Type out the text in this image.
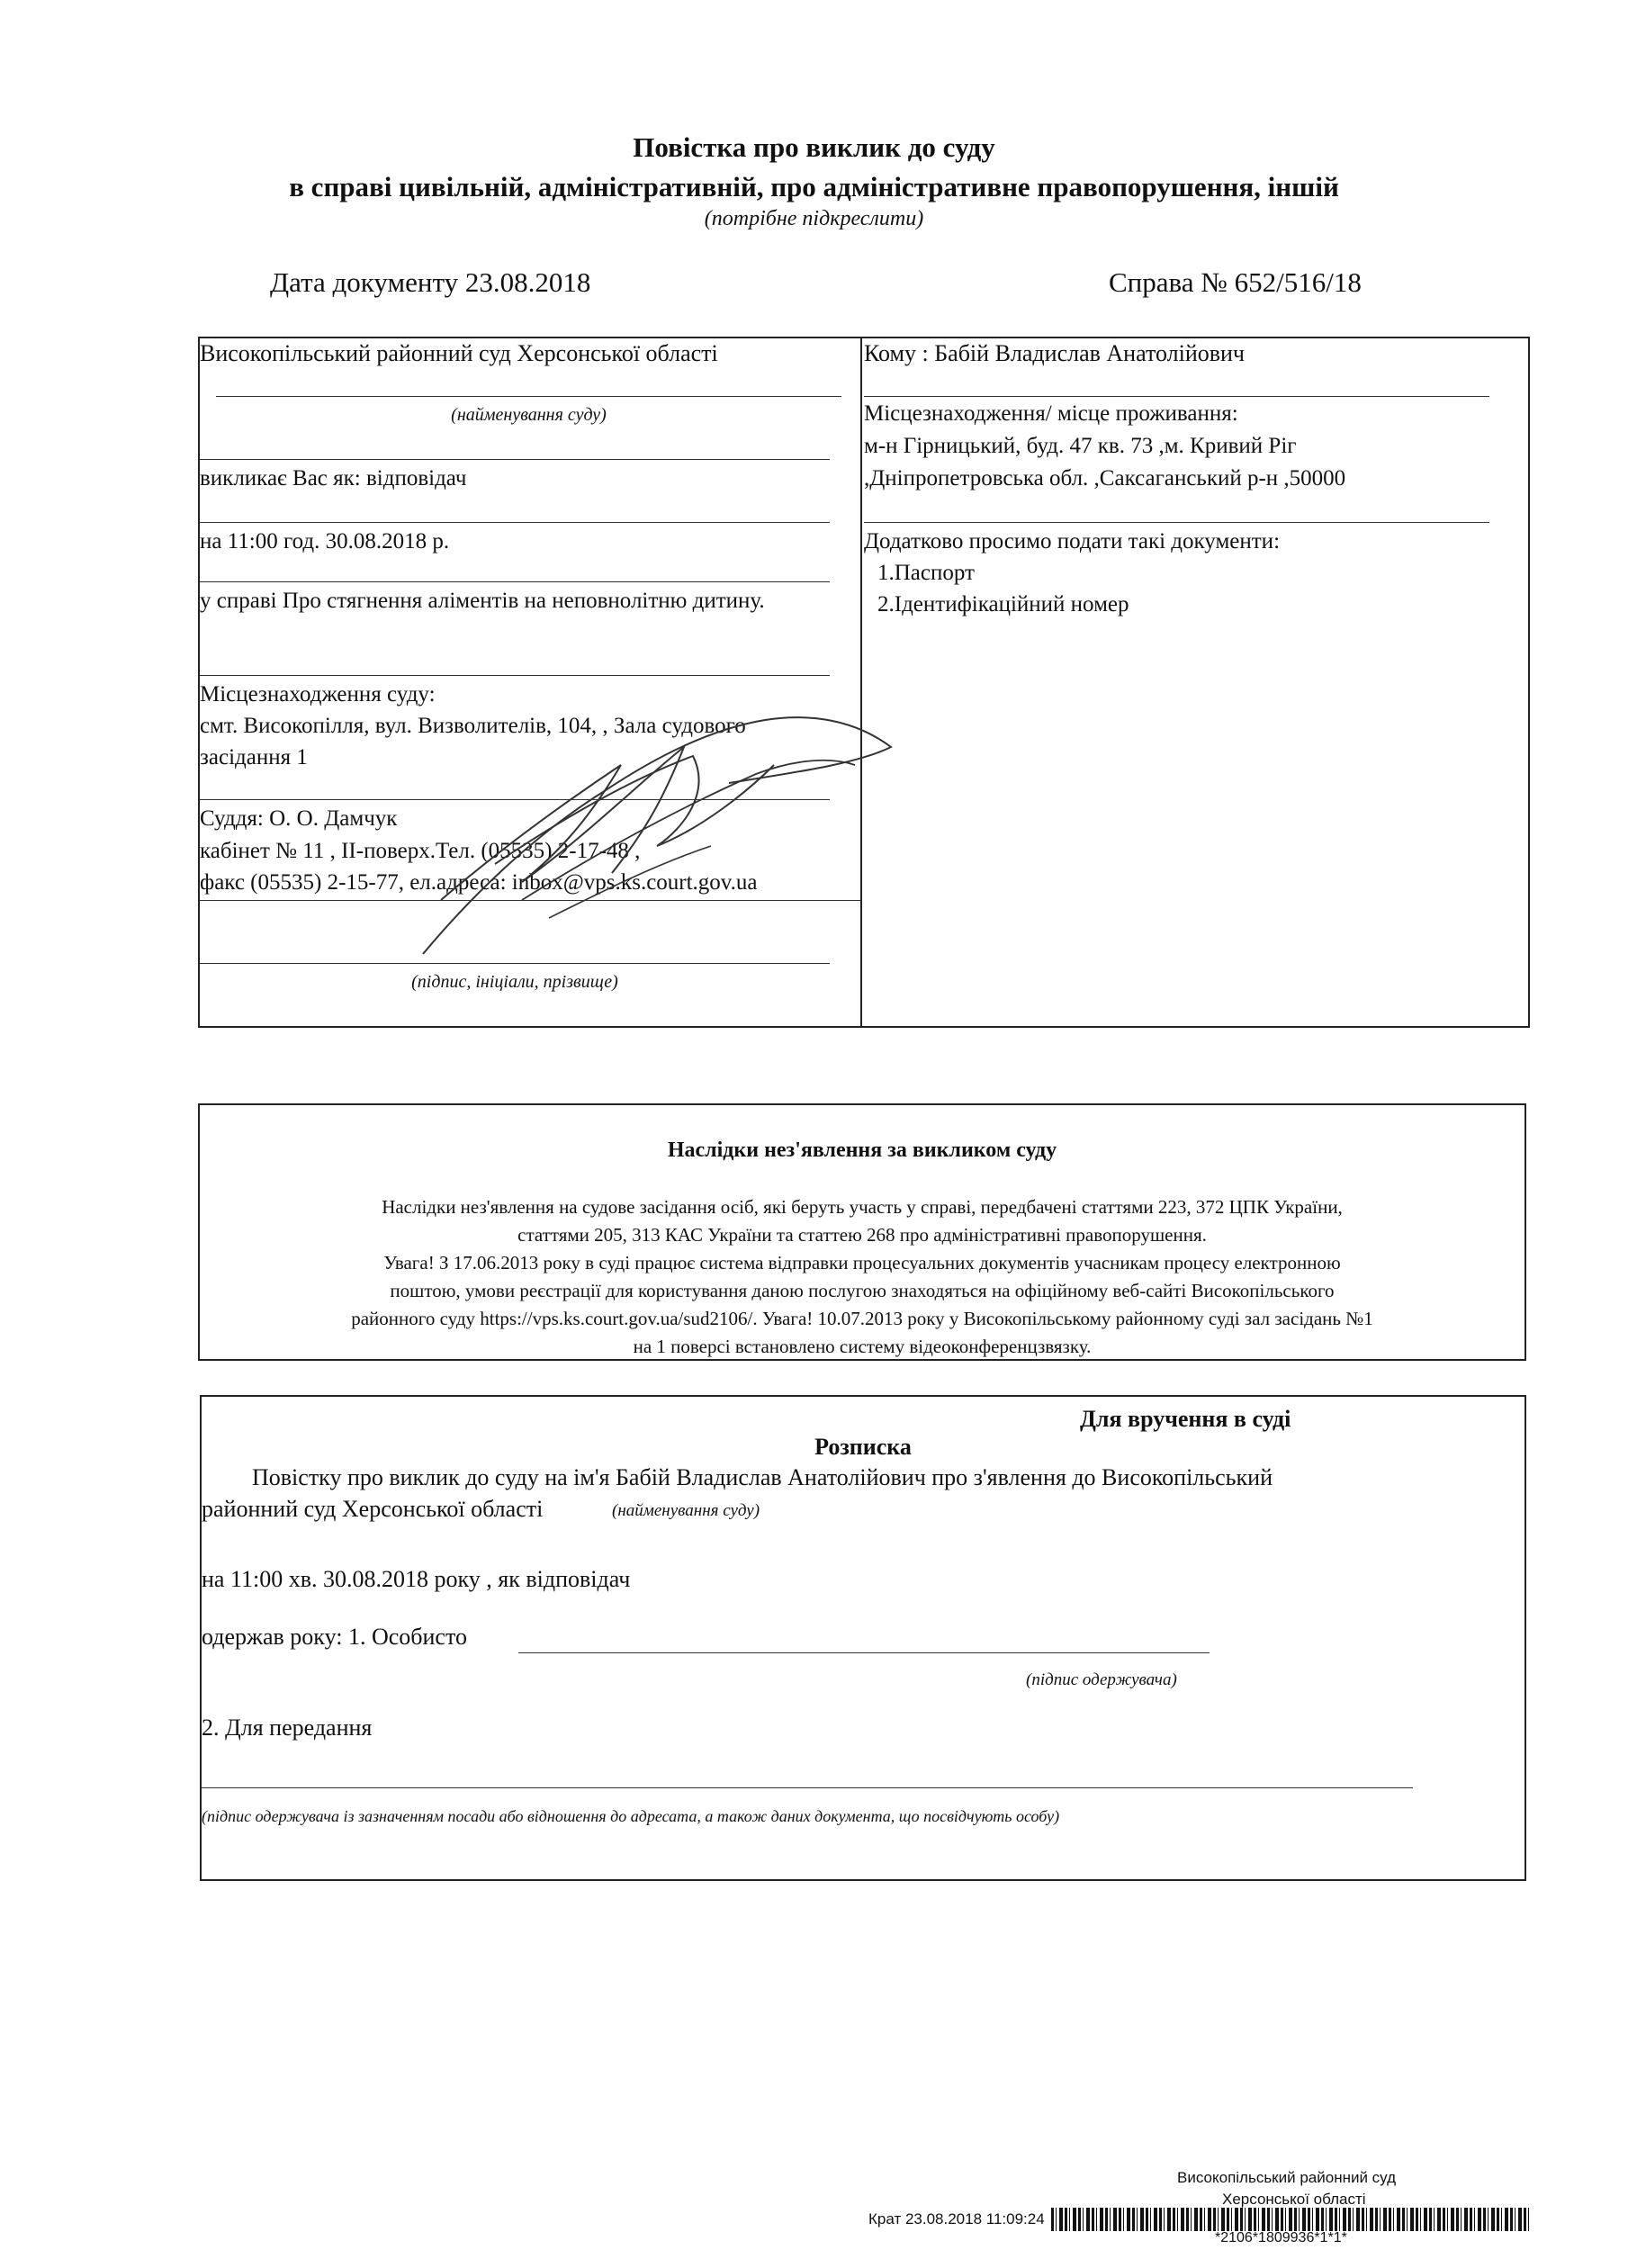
Повістка про виклик до суду
в справі цивільній, адміністративній, про адміністративне правопорушення, іншій
(потрібне підкреслити)
Дата документу 23.08.2018	Справа № 652/516/18
Високопільський районний суд Херсонської області
(найменування суду)
викликає Вас як: відповідач
на 11:00 год. 30.08.2018 р.
у справі Про стягнення аліментів на неповнолітню дитину.
Місцезнаходження суду:
смт. Високопілля, вул. Визволителів, 104, , Зала судового
засідання 1
Суддя: О. О. Дамчук
кабінет № 11 , ІІ-поверх.Тел. (05535) 2-17-48 ,
факс (05535) 2-15-77, ел.адреса: inbox@vps.ks.court.gov.ua
(підпис, ініціали, прізвище)
Кому : Бабій Владислав Анатолійович
Місцезнаходження/ місце проживання:
м-н Гірницький, буд. 47 кв. 73 ,м. Кривий Ріг
,Дніпропетровська обл. ,Саксаганський р-н ,50000
Додатково просимо подати такі документи:
1.Паспорт
2.Ідентифікаційний номер
Наслідки нез'явлення за викликом суду
Наслідки нез'явлення на судове засідання осіб, які беруть участь у справі, передбачені статтями 223, 372 ЦПК України,
статтями 205, 313 КАС України та статтею 268 про адміністративні правопорушення.
Увага! З 17.06.2013 року в суді працює система відправки процесуальних документів учасникам процесу електронною
поштою, умови реєстрації для користування даною послугою знаходяться на офіційному веб-сайті Високопільського
районного суду https://vps.ks.court.gov.ua/sud2106/. Увага! 10.07.2013 року у Високопільському районному суді зал засідань №1
на 1 поверсі встановлено систему відеоконференцзвязку.
Для вручення в суді
Розписка
Повістку про виклик до суду на ім'я Бабій Владислав Анатолійович про з'явлення до Високопільський
районний суд Херсонської області	(найменування суду)
на 11:00 хв. 30.08.2018 року , як відповідач
одержав року: 1. Особисто
(підпис одержувача)
2. Для передання
(підпис одержувача із зазначенням посади або відношення до адресата, а також даних документа, що посвідчують особу)
Високопільський районний суд
Херсонської області
Крат 23.08.2018 11:09:24
*2106*1809936*1*1*
